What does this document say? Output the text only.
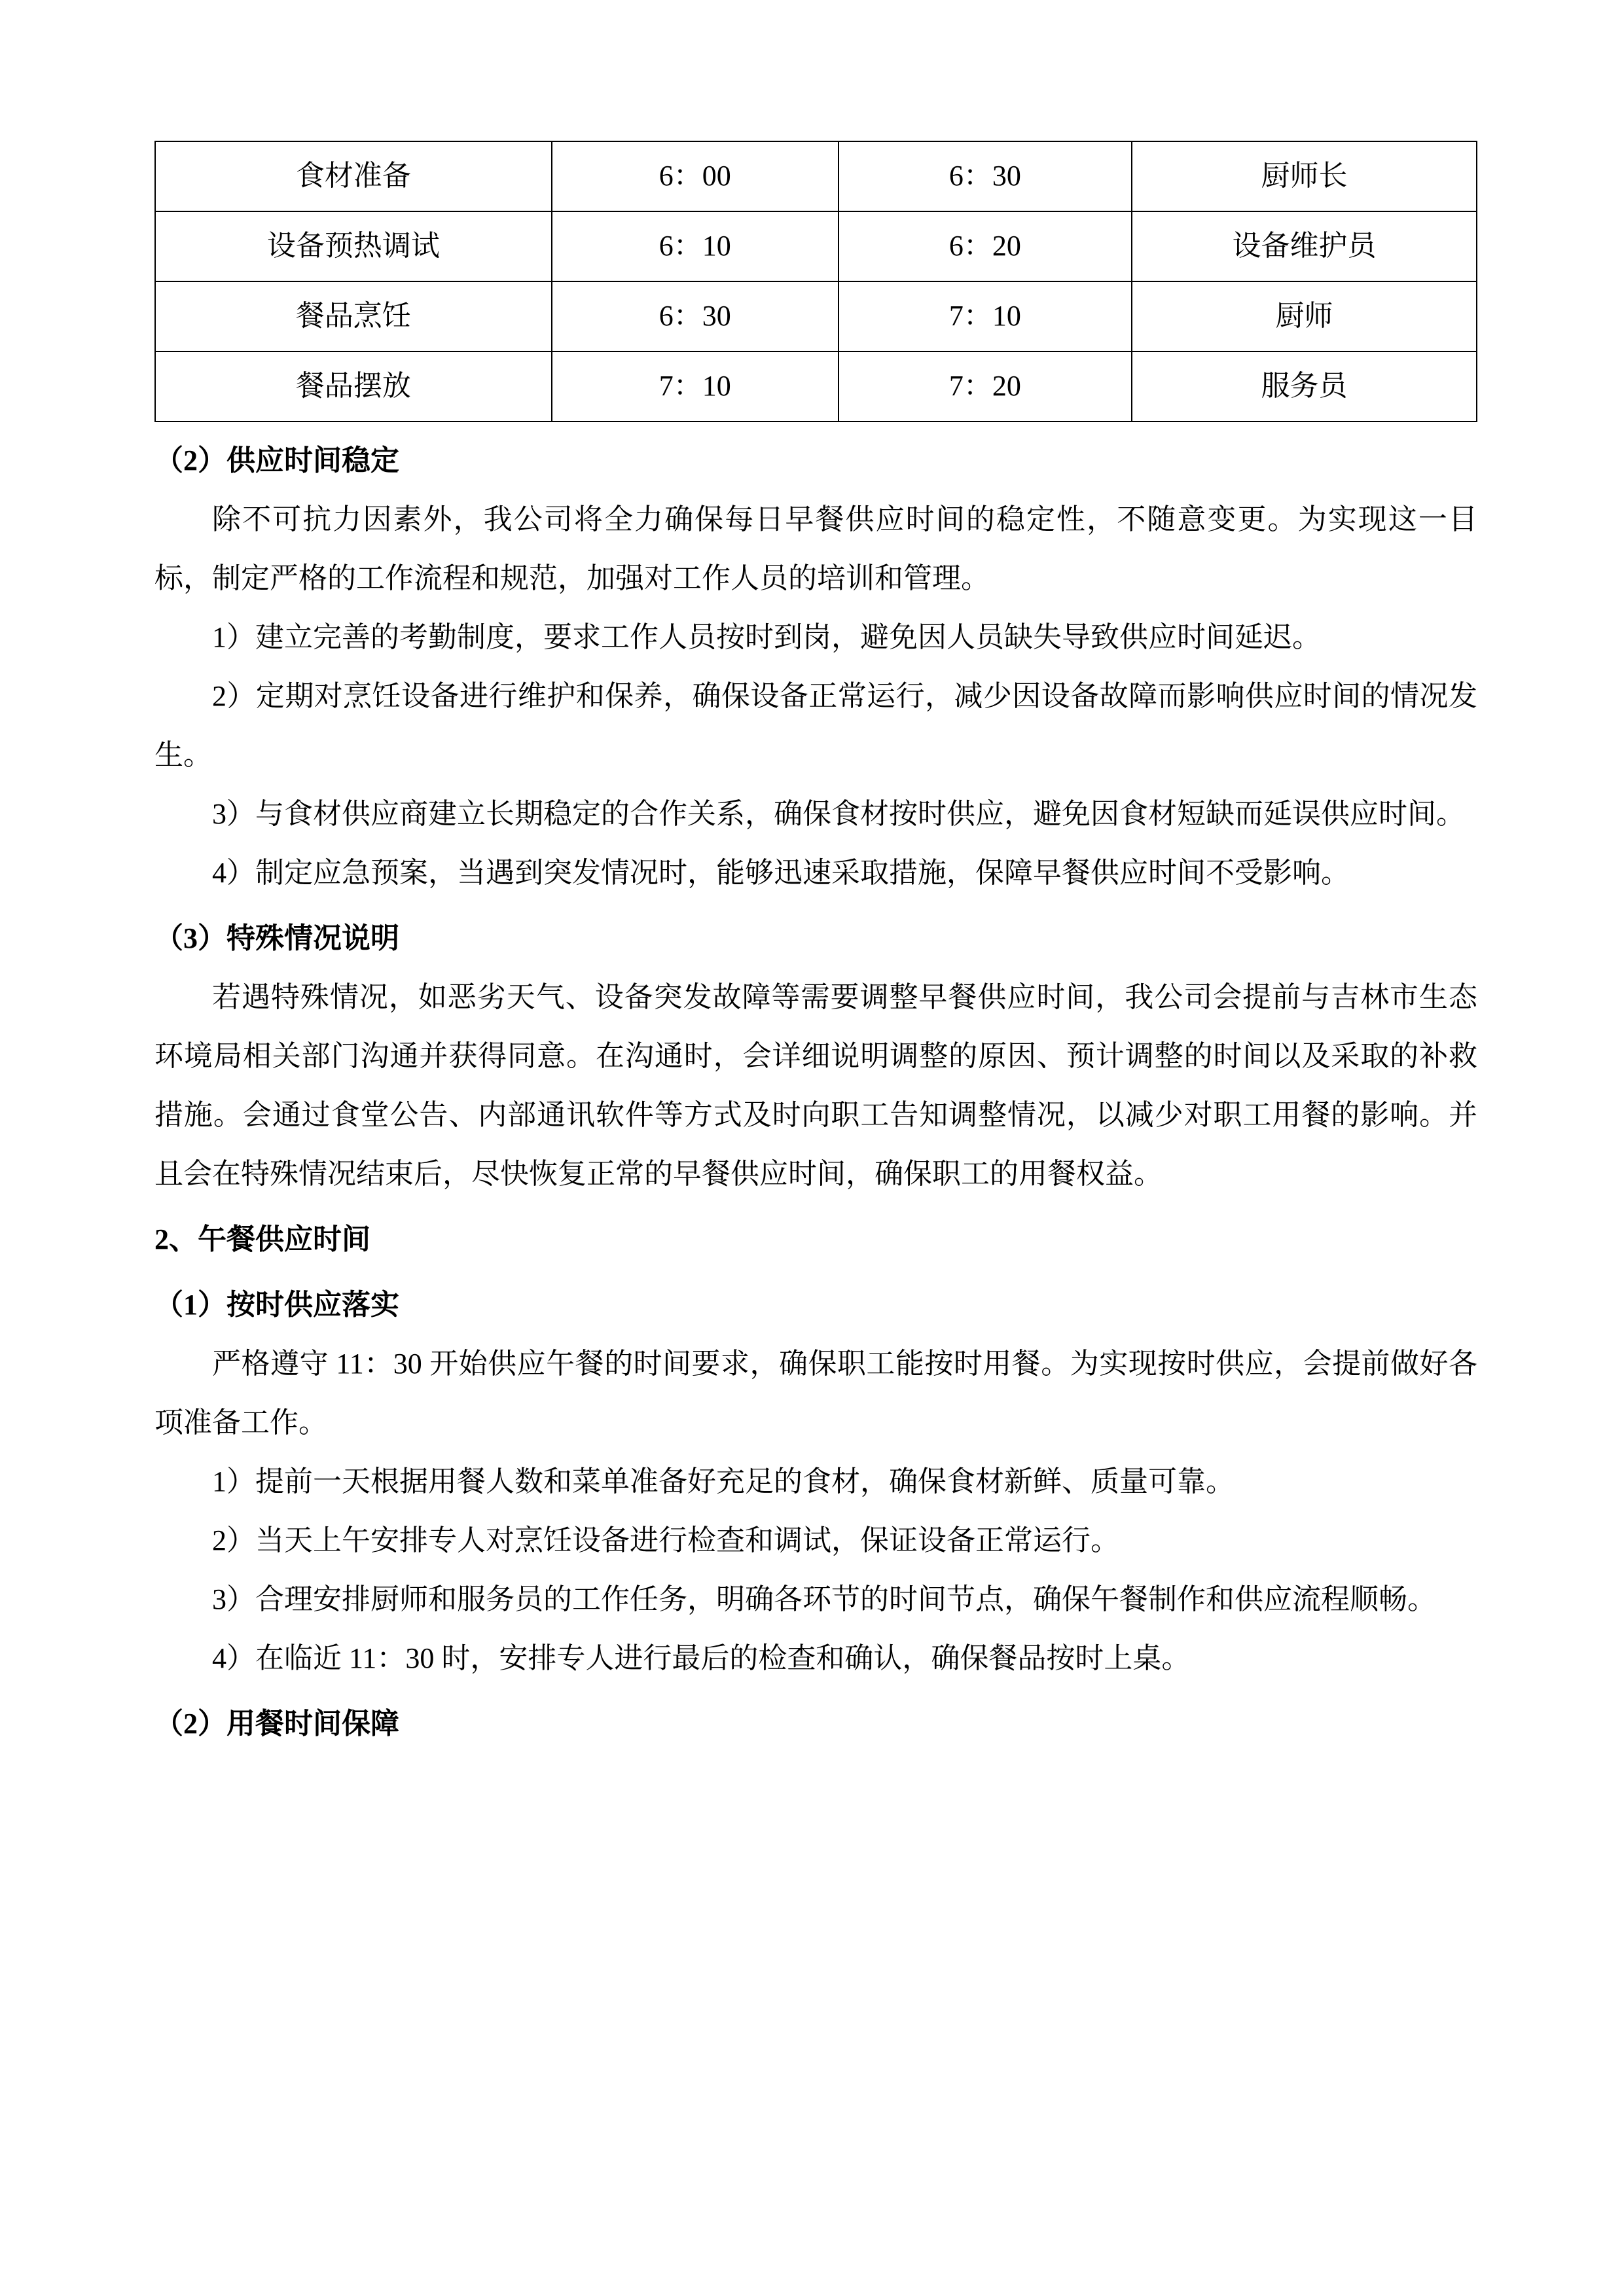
食材准备	6：00	6：30	厨师长
设备预热调试	6：10	6：20	设备维护员
餐品烹饪	6：30	7：10	厨师
餐品摆放	7：10	7：20	服务员
（2）供应时间稳定
除不可抗力因素外，我公司将全力确保每日早餐供应时间的稳定性，不随意变更。为实现这一目标，制定严格的工作流程和规范，加强对工作人员的培训和管理。
1）建立完善的考勤制度，要求工作人员按时到岗，避免因人员缺失导致供应时间延迟。
2）定期对烹饪设备进行维护和保养，确保设备正常运行，减少因设备故障而影响供应时间的情况发生。
3）与食材供应商建立长期稳定的合作关系，确保食材按时供应，避免因食材短缺而延误供应时间。
4）制定应急预案，当遇到突发情况时，能够迅速采取措施，保障早餐供应时间不受影响。
（3）特殊情况说明
若遇特殊情况，如恶劣天气、设备突发故障等需要调整早餐供应时间，我公司会提前与吉林市生态环境局相关部门沟通并获得同意。在沟通时，会详细说明调整的原因、预计调整的时间以及采取的补救措施。会通过食堂公告、内部通讯软件等方式及时向职工告知调整情况，以减少对职工用餐的影响。并且会在特殊情况结束后，尽快恢复正常的早餐供应时间，确保职工的用餐权益。
2、午餐供应时间
（1）按时供应落实
严格遵守 11：30 开始供应午餐的时间要求，确保职工能按时用餐。为实现按时供应，会提前做好各项准备工作。
1）提前一天根据用餐人数和菜单准备好充足的食材，确保食材新鲜、质量可靠。
2）当天上午安排专人对烹饪设备进行检查和调试，保证设备正常运行。
3）合理安排厨师和服务员的工作任务，明确各环节的时间节点，确保午餐制作和供应流程顺畅。
4）在临近 11：30 时，安排专人进行最后的检查和确认，确保餐品按时上桌。
（2）用餐时间保障
